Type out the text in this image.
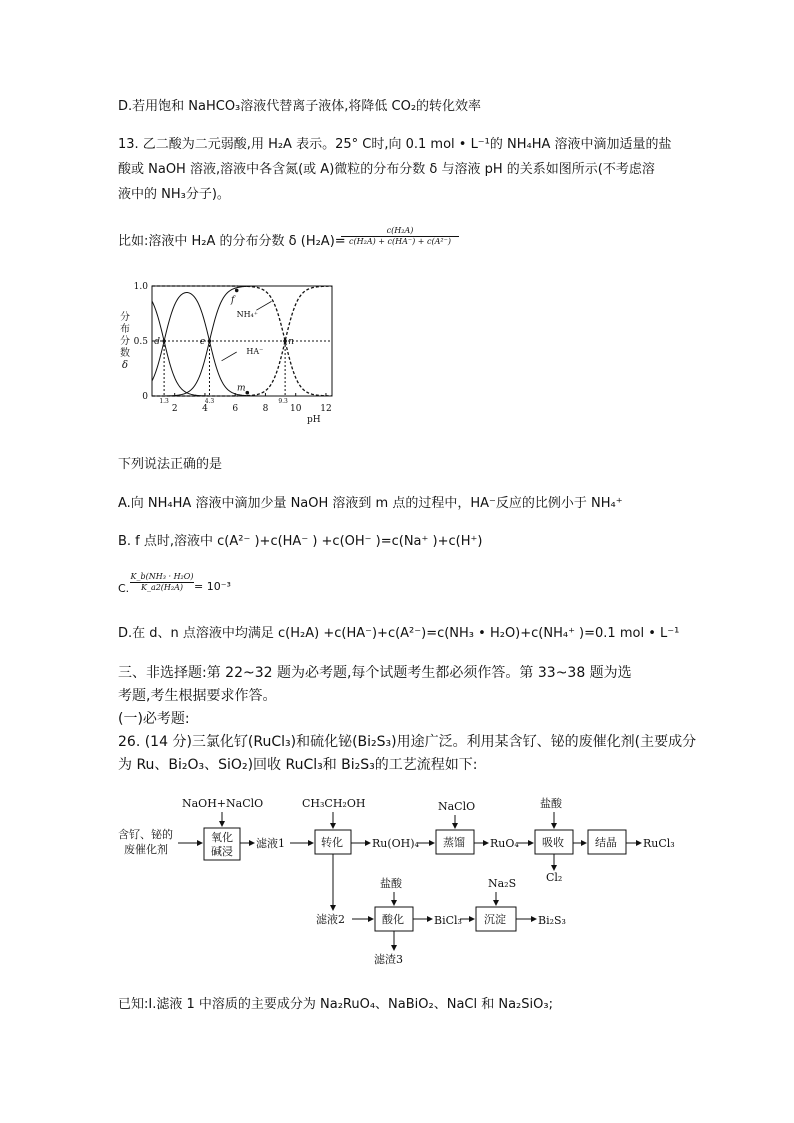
D.若用饱和 NaHCO₃溶液代替离子液体,将降低 CO₂的转化效率
13. 乙二酸为二元弱酸,用 H₂A 表示。25° C时,向 0.1 mol • L⁻¹的 NH₄HA 溶液中滴加适量的盐
酸或 NaOH 溶液,溶液中各含氮(或 A)微粒的分布分数 δ 与溶液 pH 的关系如图所示(不考虑溶
液中的 NH₃分子)。
比如:溶液中 H₂A 的分布分数 δ (H₂A)=
$\frac{\text{c(H₂A)}}{\text{c(H₂A) + c(HA⁻) + c(A²⁻)}}$
d	e	n
f
m
NH₄⁺
HA⁻
2	4	6	8 10 12
1.3	4.3	9.3
0
0.5
1.0
分
布
分
数
δ
pH
下列说法正确的是
A.向 NH₄HA 溶液中滴加少量 NaOH 溶液到 m 点的过程中，HA⁻反应的比例小于 NH₄⁺
B. f 点时,溶液中 c(A²⁻ )+c(HA⁻ ) +c(OH⁻ )=c(Na⁺ )+c(H⁺)
C. $\frac{\text{K\_b(NH₃ · H₂O)}}{\text{K\_a2(H₂A)}} = 10^{-3}$
D.在 d、n 点溶液中均满足 c(H₂A) +c(HA⁻)+c(A²⁻)=c(NH₃ • H₂O)+c(NH₄⁺ )=0.1 mol • L⁻¹
三、非选择题:第 22~32 题为必考题,每个试题考生都必须作答。第 33~38 题为选
考题,考生根据要求作答。
(一)必考题:
26. (14 分)三氯化钌(RuCl₃)和硫化铋(Bi₂S₃)用途广泛。利用某含钌、铋的废催化剂(主要成分
为 Ru、Bi₂O₃、SiO₂)回收 RuCl₃和 Bi₂S₃的工艺流程如下:
含钌、铋的
废催化剂
NaOH+NaClO
氧化
碱浸
滤液1
CH₃CH₂OH
转化	Ru(OH)₄
NaClO
蒸馏 RuO₄
盐酸
吸收
Cl₂
结晶 RuCl₃
滤液2
盐酸
酸化	BiCl₃
Na₂S
沉淀	Bi₂S₃
滤渣3
已知:I.滤液 1 中溶质的主要成分为 Na₂RuO₄、NaBiO₂、NaCl 和 Na₂SiO₃;
